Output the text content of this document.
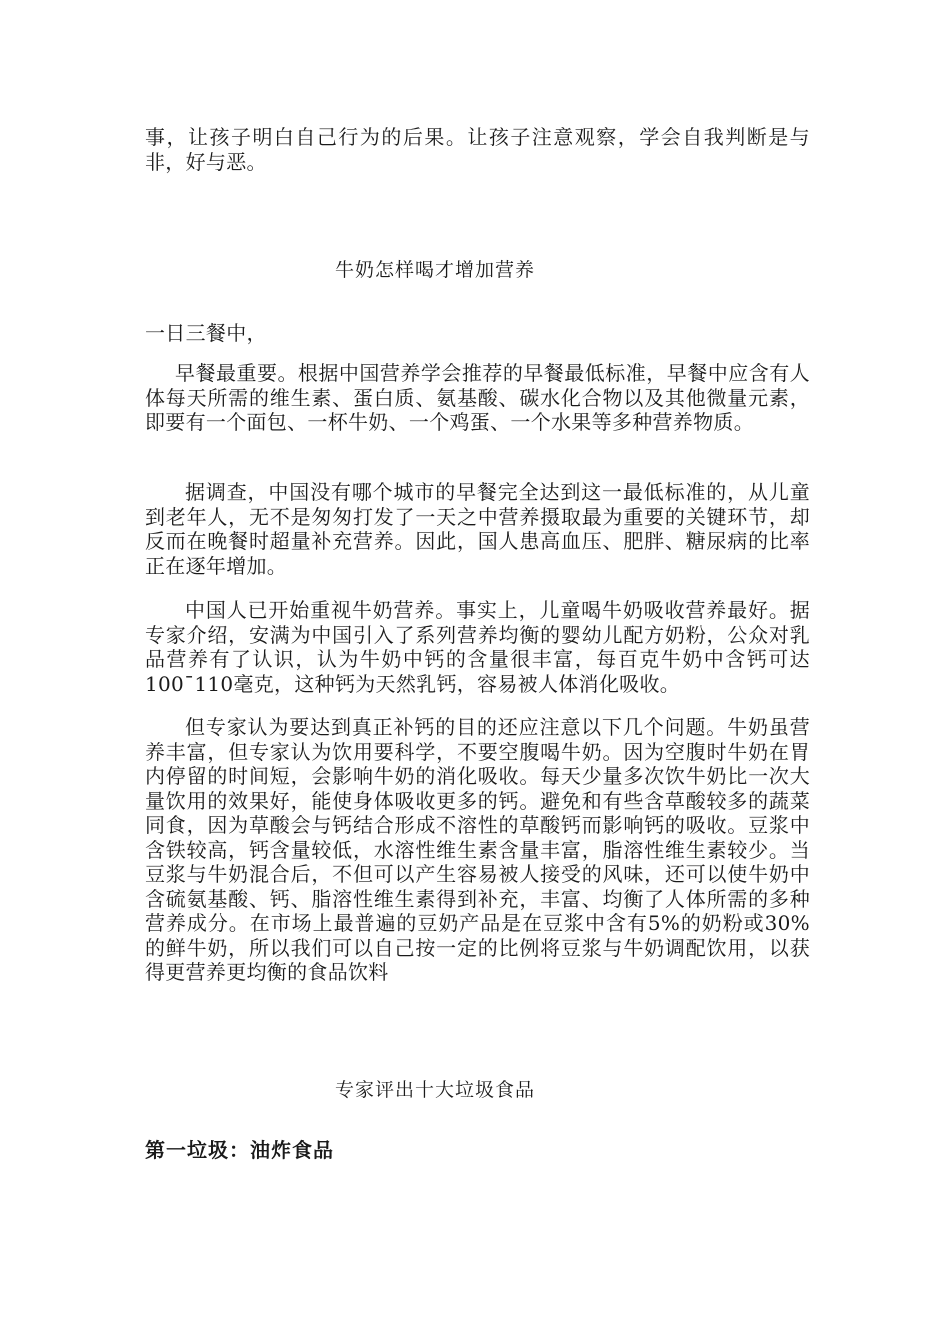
事，让孩子明白自己行为的后果。让孩子注意观察，学会自我判断是与非，好与恶。

牛奶怎样喝才增加营养

一日三餐中，

早餐最重要。根据中国营养学会推荐的早餐最低标准，早餐中应含有人体每天所需的维生素、蛋白质、氨基酸、碳水化合物以及其他微量元素，即要有一个面包、一杯牛奶、一个鸡蛋、一个水果等多种营养物质。

据调查，中国没有哪个城市的早餐完全达到这一最低标准的，从儿童到老年人，无不是匆匆打发了一天之中营养摄取最为重要的关键环节，却反而在晚餐时超量补充营养。因此，国人患高血压、肥胖、糖尿病的比率正在逐年增加。

中国人已开始重视牛奶营养。事实上，儿童喝牛奶吸收营养最好。据专家介绍，安满为中国引入了系列营养均衡的婴幼儿配方奶粉，公众对乳品营养有了认识，认为牛奶中钙的含量很丰富，每百克牛奶中含钙可达100¯110毫克，这种钙为天然乳钙，容易被人体消化吸收。

但专家认为要达到真正补钙的目的还应注意以下几个问题。牛奶虽营养丰富，但专家认为饮用要科学，不要空腹喝牛奶。因为空腹时牛奶在胃内停留的时间短，会影响牛奶的消化吸收。每天少量多次饮牛奶比一次大量饮用的效果好，能使身体吸收更多的钙。避免和有些含草酸较多的蔬菜同食，因为草酸会与钙结合形成不溶性的草酸钙而影响钙的吸收。豆浆中含铁较高，钙含量较低，水溶性维生素含量丰富，脂溶性维生素较少。当豆浆与牛奶混合后，不但可以产生容易被人接受的风味，还可以使牛奶中含硫氨基酸、钙、脂溶性维生素得到补充，丰富、均衡了人体所需的多种营养成分。在市场上最普遍的豆奶产品是在豆浆中含有5%的奶粉或30%的鲜牛奶，所以我们可以自己按一定的比例将豆浆与牛奶调配饮用，以获得更营养更均衡的食品饮料

专家评出十大垃圾食品
第一垃圾：油炸食品
